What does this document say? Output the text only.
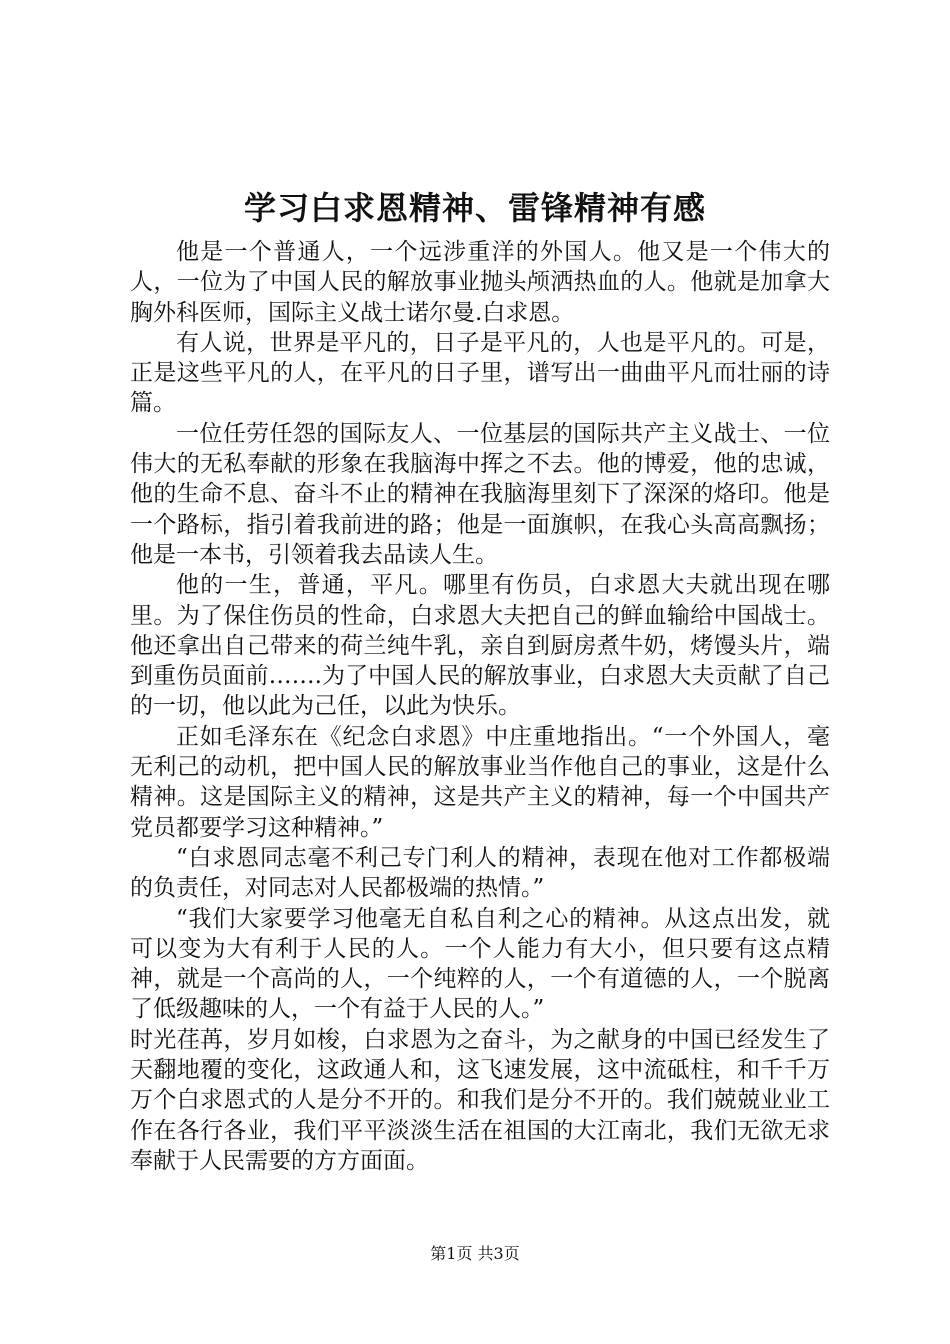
学习白求恩精神、雷锋精神有感

他是一个普通人，一个远涉重洋的外国人。他又是一个伟大的人，一位为了中国人民的解放事业抛头颅洒热血的人。他就是加拿大胸外科医师，国际主义战士诺尔曼.白求恩。

有人说，世界是平凡的，日子是平凡的，人也是平凡的。可是，正是这些平凡的人，在平凡的日子里，谱写出一曲曲平凡而壮丽的诗篇。

一位任劳任怨的国际友人、一位基层的国际共产主义战士、一位伟大的无私奉献的形象在我脑海中挥之不去。他的博爱，他的忠诚，他的生命不息、奋斗不止的精神在我脑海里刻下了深深的烙印。他是一个路标，指引着我前进的路；他是一面旗帜，在我心头高高飘扬；他是一本书，引领着我去品读人生。

他的一生，普通，平凡。哪里有伤员，白求恩大夫就出现在哪里。为了保住伤员的性命，白求恩大夫把自己的鲜血输给中国战士。他还拿出自己带来的荷兰纯牛乳，亲自到厨房煮牛奶，烤馒头片，端到重伤员面前…….为了中国人民的解放事业，白求恩大夫贡献了自己的一切，他以此为己任，以此为快乐。

正如毛泽东在《纪念白求恩》中庄重地指出。“一个外国人，毫无利己的动机，把中国人民的解放事业当作他自己的事业，这是什么精神。这是国际主义的精神，这是共产主义的精神，每一个中国共产党员都要学习这种精神。”

“白求恩同志毫不利己专门利人的精神，表现在他对工作都极端的负责任，对同志对人民都极端的热情。”

“我们大家要学习他毫无自私自利之心的精神。从这点出发，就可以变为大有利于人民的人。一个人能力有大小，但只要有这点精神，就是一个高尚的人，一个纯粹的人，一个有道德的人，一个脱离了低级趣味的人，一个有益于人民的人。”

时光荏苒，岁月如梭，白求恩为之奋斗，为之献身的中国已经发生了天翻地覆的变化，这政通人和，这飞速发展，这中流砥柱，和千千万万个白求恩式的人是分不开的。和我们是分不开的。我们兢兢业业工作在各行各业，我们平平淡淡生活在祖国的大江南北，我们无欲无求奉献于人民需要的方方面面。

第1页 共3页
